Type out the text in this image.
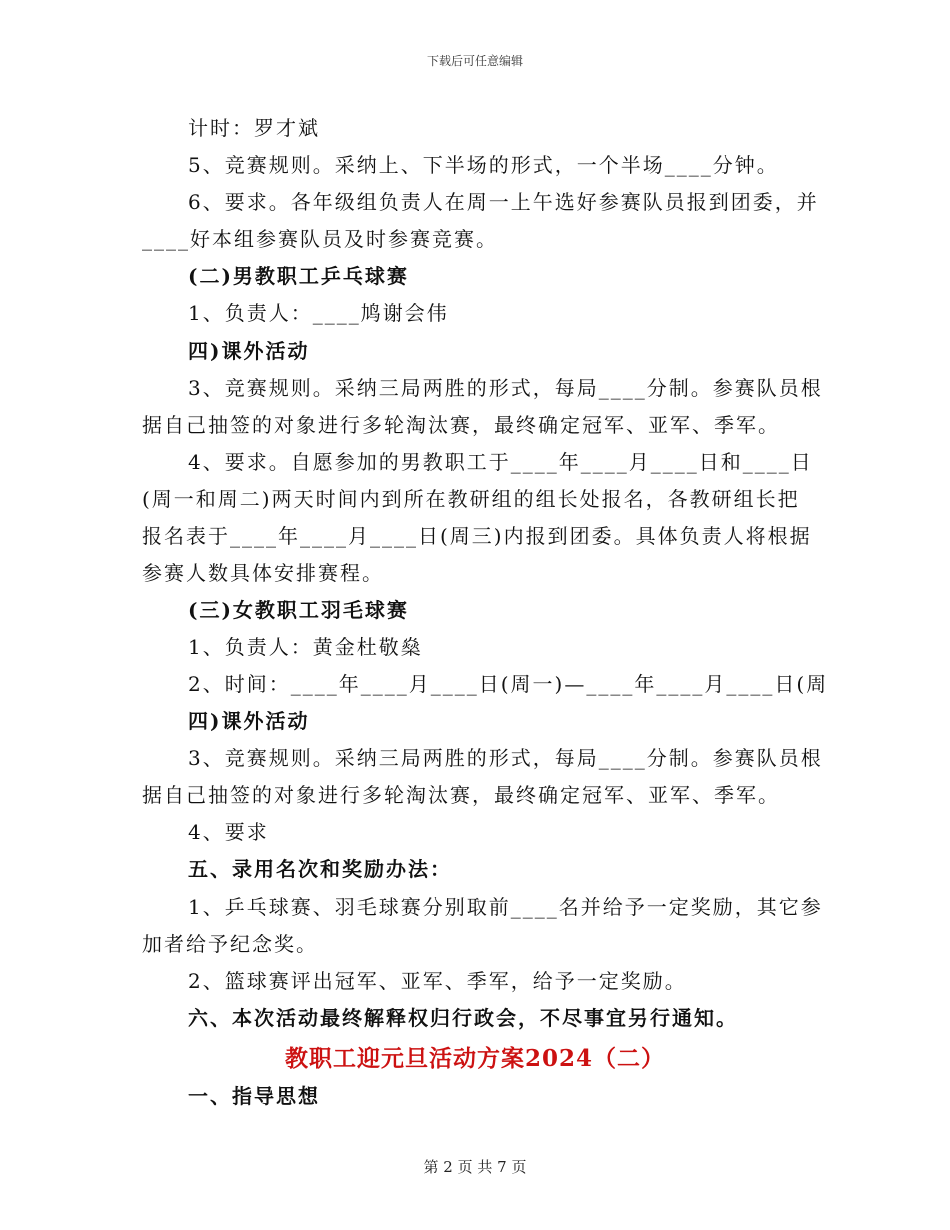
下载后可任意编辑
计时：罗才斌
5、竞赛规则。采纳上、下半场的形式，一个半场____分钟。
6、要求。各年级组负责人在周一上午选好参赛队员报到团委，并
____好本组参赛队员及时参赛竞赛。
(二)男教职工乒乓球赛
1、负责人：____鸠谢会伟
四)课外活动
3、竞赛规则。采纳三局两胜的形式，每局____分制。参赛队员根
据自己抽签的对象进行多轮淘汰赛，最终确定冠军、亚军、季军。
4、要求。自愿参加的男教职工于____年____月____日和____日
(周一和周二)两天时间内到所在教研组的组长处报名，各教研组长把
报名表于____年____月____日(周三)内报到团委。具体负责人将根据
参赛人数具体安排赛程。
(三)女教职工羽毛球赛
1、负责人：黄金杜敬燊
2、时间：____年____月____日(周一)—____年____月____日(周
四)课外活动
3、竞赛规则。采纳三局两胜的形式，每局____分制。参赛队员根
据自己抽签的对象进行多轮淘汰赛，最终确定冠军、亚军、季军。
4、要求
五、录用名次和奖励办法：
1、乒乓球赛、羽毛球赛分别取前____名并给予一定奖励，其它参
加者给予纪念奖。
2、篮球赛评出冠军、亚军、季军，给予一定奖励。
六、本次活动最终解释权归行政会，不尽事宜另行通知。
教职工迎元旦活动方案2024（二）
一、指导思想
第 2 页 共 7 页
